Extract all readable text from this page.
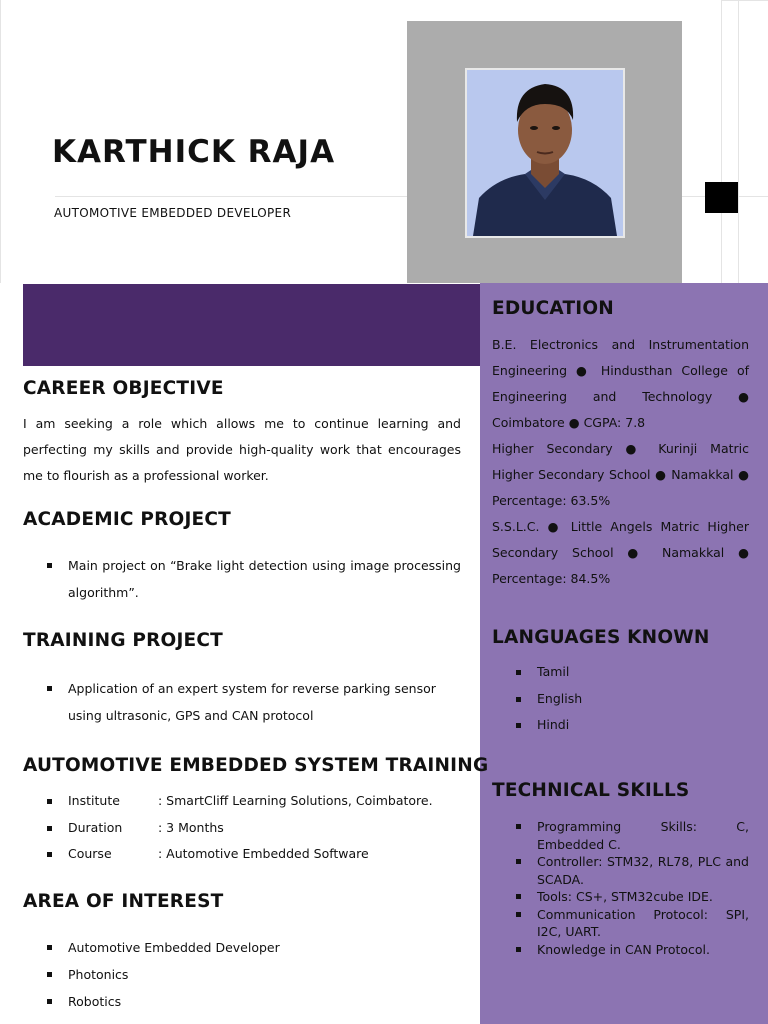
KARTHICK RAJA
AUTOMOTIVE EMBEDDED DEVELOPER
CAREER OBJECTIVE
I am seeking a role which allows me to continue learning and perfecting my skills and provide high-quality work that encourages me to flourish as a professional worker.
ACADEMIC PROJECT
Main project on “Brake light detection using image processing algorithm”.
TRAINING PROJECT
Application of an expert system for reverse parking sensor using ultrasonic, GPS and CAN protocol
AUTOMOTIVE EMBEDDED SYSTEM TRAINING
Institute	: SmartCliff Learning Solutions, Coimbatore.
Duration	: 3 Months
Course	: Automotive Embedded Software
AREA OF INTEREST
Automotive Embedded Developer
Photonics
Robotics
EDUCATION
B.E. Electronics and Instrumentation Engineering ● Hindusthan College of Engineering and Technology ● Coimbatore ● CGPA: 7.8
Higher Secondary ● Kurinji Matric Higher Secondary School ● Namakkal ● Percentage: 63.5%
S.S.L.C. ● Little Angels Matric Higher Secondary School ● Namakkal ● Percentage: 84.5%
LANGUAGES KNOWN
Tamil
English
Hindi
TECHNICAL SKILLS
Programming Skills: C, Embedded C.
Controller: STM32, RL78, PLC and SCADA.
Tools: CS+, STM32cube IDE.
Communication Protocol: SPI, I2C, UART.
Knowledge in CAN Protocol.
